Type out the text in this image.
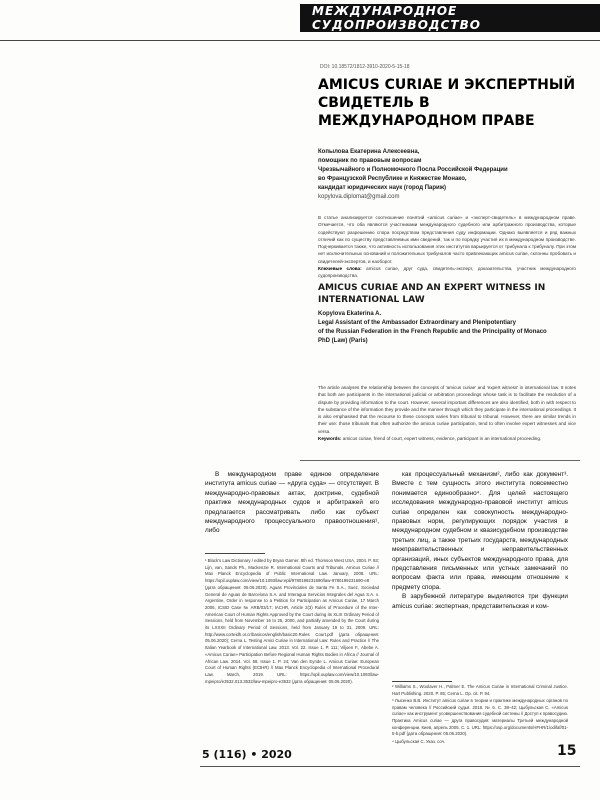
МЕЖДУНАРОДНОЕ СУДОПРОИЗВОДСТВО
DOI: 10.18572/1812-3910-2020-5-15-18
AMICUS CURIAE И ЭКСПЕРТНЫЙ СВИДЕТЕЛЬ В МЕЖДУНАРОДНОМ ПРАВЕ
Копылова Екатерина Алексеевна,
помощник по правовым вопросам
Чрезвычайного и Полномочного Посла Российской Федерации
во Французской Республике и Княжестве Монако,
кандидат юридических наук (город Париж)
kopylova.diplomat@gmail.com
В статье анализируется соотношение понятий «amicus curiae» и «эксперт-свидетель» в международном праве. Отмечается, что оба являются участниками международного судебного или арбитражного производства, которые содействуют разрешению спора посредством представления суду информации. Однако выявляется и ряд важных отличий как по существу представляемых ими сведений, так и по порядку участия их в международном производстве. Подчеркивается также, что активность использования этих институтов варьируется от трибунала к трибуналу. При этом нет исключительных оснований и положительных трибуналов часто привлекающих amicus curiae, склонны пробовать и свидетелей-экспертов, и наоборот.
Ключевые слова: amicus curiae, друг суда, свидетель-эксперт, доказательства, участник международного судопроизводства.
AMICUS CURIAE AND AN EXPERT WITNESS IN INTERNATIONAL LAW
Kopylova Ekaterina A.
Legal Assistant of the Ambassador Extraordinary and Plenipotentiary
of the Russian Federation in the French Republic and the Principality of Monaco
PhD (Law) (Paris)
The article analyses the relationship between the concepts of 'amicus curiae' and 'expert witness' in international law. It notes that both are participants in the international judicial or arbitration proceedings whose task is to facilitate the resolution of a dispute by providing information to the court. However, several important differences are also identified, both in with respect to the substance of the information they provide and the manner through which they participate in the international proceedings. It is also emphasised that the recourse to these concepts varies from tribunal to tribunal. However, there are similar trends in their use: those tribunals that often authorize the amicus curiae participation, tend to often involve expert witnesses and vice versa.
Keywords: amicus curiae, friend of court, expert witness, evidence, participant in an international proceeding.

В международном праве единое определение института amicus curiae — «друга суда» — отсутствует. В международно-правовых актах, доктрине, судебной практике международных судов и арбитражей его предлагается рассматривать либо как субъект международного процессуального правоотношения¹, либо

как процессуальный механизм², либо как документ³. Вместе с тем сущность этого института повсеместно понимается единообразно⁴. Для целей настоящего исследования международно-правовой институт amicus curiae определен как совокупность международно-правовых норм, регулирующих порядок участия в международном судебном и квазисудебном производстве третьих лиц, а также третьих государств, международных межправительственных и неправительственных организаций, иных субъектов международного права, для представления письменных или устных замечаний по вопросам факта или права, имеющим отношение к предмету спора.

В зарубежной литературе выделяются три функции amicus curiae: экспертная, представительская и ком-

¹ Black's Law Dictionary / edited by Bryan Garner. 8th ed. Thomson West USA, 2004. P. 93; Lijn, van, Sands Ph., Mackenzie R. International Courts and Tribunals. Amicus Curiae // Max Planck Encyclopedia of Public International Law. January, 2008. URL: https://opil.ouplaw.com/view/10.1093/law:epil/9780199231690/law-9780199231690-e8 (дата обращения: 05.06.2020). Aguas Provinciales de Santa Fe S.A., Suez, Sociedad General de Aguas de Barcelona S.A. and Interagua Servicios Integrales del Agua S.A. v. Argentine, Order in response to a Petition for Participation as Amicus Curiae, 17 March 2006, ICSID Case № ARB/03/17; IACHR, Article 2(3) Rules of Procedure of the Inter-American Court of Human Rights Approved by the Court during its XLIX Ordinary Period of Sessions, held from November 16 to 25, 2000, and partially amended by the Court during its LXXXII Ordinary Period of Sessions, held from January 19 to 31, 2009. URL: http://www.corteidh.or.cr/basicos/english/basic20.Rules Court.pdf (дата обращения: 05.06.2020); Cerna L. Testing Amici Curiae in International Law: Rules and Practice // The Italian Yearbook of International Law. 2013. Vol. 22. Issue 1. P. 111; Viljoen F., Abebe A. «Amicus Curiae» Participation Before Regional Human Rights Bodies in Africa // Journal of African Law. 2014. Vol. 58. Issue 1. P. 24; Van den Eynde L. Amicus Curiae: European Court of Human Rights (ECtHR) // Max Planck Encyclopedia of International Procedural Law. March, 2019. URL: https://opil.ouplaw.com/view/10.1093/law-mpeipro/e3532.013.3532/law-mpeipro-e3532 (дата обращения: 05.06.2020).

² Williams S., Woolaver H., Palmer E. The Amicus Curiae in International Criminal Justice. Hart Publishing. 2020. P. 85; Cerna L. Op. cit. P. 94.

³ Лысенко В.В. Институт amicus curiae в теории и практике международных органов по правам человека // Российский судья. 2018. № 6. С. 38–42; Цыбульская С. «Amicus curiae» как инструмент усовершенствования судебной системы // Доступ к правосудию. Практика Amicus curiae — друга правосудия: материалы Третьей международной конференции. Киев, апрель 2005. С. 1. URL: https://osp.org/documents/HFHR/1/odifaf/01-5-b.pdf (дата обращения: 05.06.2020).

⁴ Цыбульская С. Указ. соч.

5 (116) • 2020	15
